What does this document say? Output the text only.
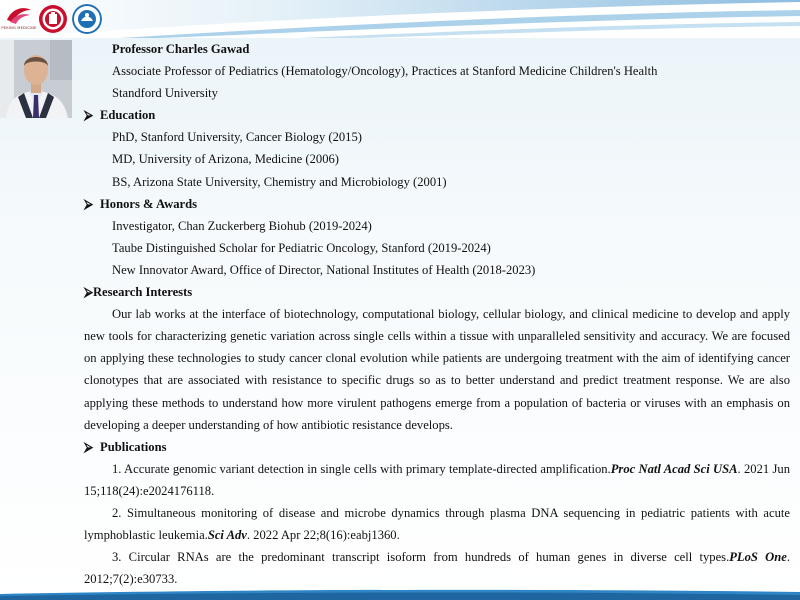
PEKING MEDICINE
Professor Charles Gawad
Associate Professor of Pediatrics (Hematology/Oncology), Practices at Stanford Medicine Children's Health
Standford University
⮚ Education
PhD, Stanford University, Cancer Biology (2015)
MD, University of Arizona, Medicine (2006)
BS, Arizona State University, Chemistry and Microbiology (2001)
⮚ Honors & Awards
Investigator, Chan Zuckerberg Biohub (2019-2024)
Taube Distinguished Scholar for Pediatric Oncology, Stanford (2019-2024)
New Innovator Award, Office of Director, National Institutes of Health (2018-2023)
⮚Research Interests
Our lab works at the interface of biotechnology, computational biology, cellular biology, and clinical medicine to develop and apply new tools for characterizing genetic variation across single cells within a tissue with unparalleled sensitivity and accuracy. We are focused on applying these technologies to study cancer clonal evolution while patients are undergoing treatment with the aim of identifying cancer clonotypes that are associated with resistance to specific drugs so as to better understand and predict treatment response. We are also applying these methods to understand how more virulent pathogens emerge from a population of bacteria or viruses with an emphasis on developing a deeper understanding of how antibiotic resistance develops.
⮚ Publications
1. Accurate genomic variant detection in single cells with primary template-directed amplification.Proc Natl Acad Sci USA. 2021 Jun 15;118(24):e2024176118.
2. Simultaneous monitoring of disease and microbe dynamics through plasma DNA sequencing in pediatric patients with acute lymphoblastic leukemia.Sci Adv. 2022 Apr 22;8(16):eabj1360.
3. Circular RNAs are the predominant transcript isoform from hundreds of human genes in diverse cell types.PLoS One. 2012;7(2):e30733.
